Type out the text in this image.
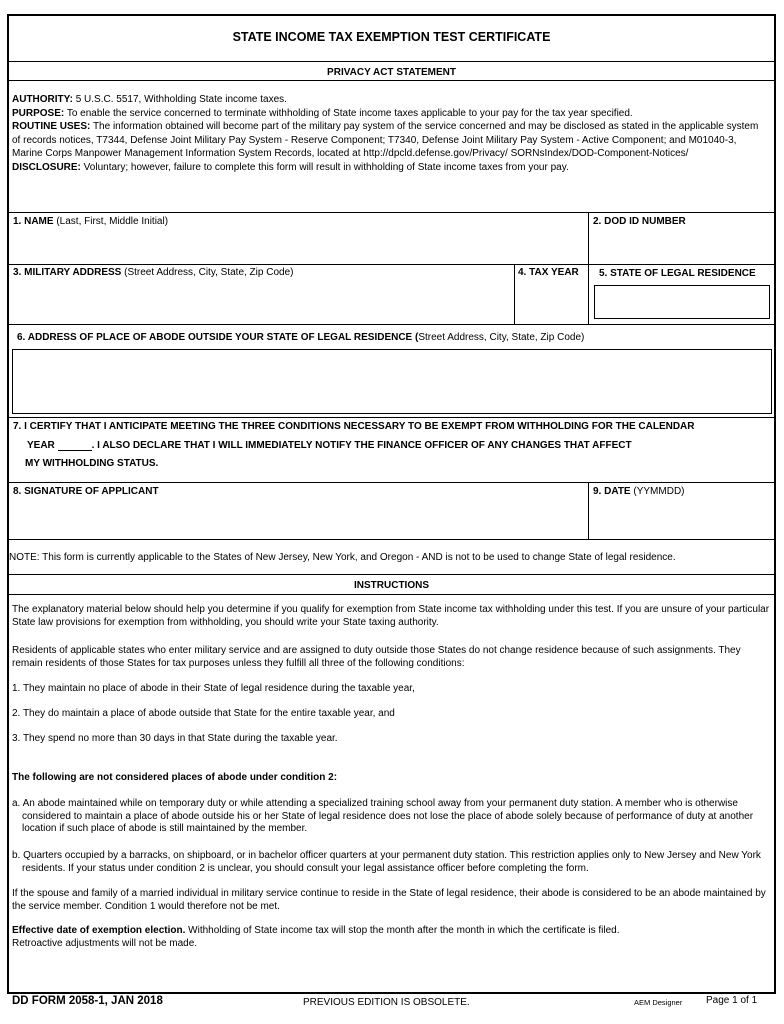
STATE INCOME TAX EXEMPTION TEST CERTIFICATE
PRIVACY ACT STATEMENT
AUTHORITY: 5 U.S.C. 5517, Withholding State income taxes.
PURPOSE: To enable the service concerned to terminate withholding of State income taxes applicable to your pay for the tax year specified.
ROUTINE USES: The information obtained will become part of the military pay system of the service concerned and may be disclosed as stated in the applicable system of records notices, T7344, Defense Joint Military Pay System - Reserve Component; T7340, Defense Joint Military Pay System - Active Component; and M01040-3, Marine Corps Manpower Management Information System Records, located at http://dpcld.defense.gov/Privacy/ SORNsIndex/DOD-Component-Notices/
DISCLOSURE: Voluntary; however, failure to complete this form will result in withholding of State income taxes from your pay.
1. NAME (Last, First, Middle Initial)	2. DOD ID NUMBER
3. MILITARY ADDRESS (Street Address, City, State, Zip Code)	4. TAX YEAR 5. STATE OF LEGAL RESIDENCE
6. ADDRESS OF PLACE OF ABODE OUTSIDE YOUR STATE OF LEGAL RESIDENCE (Street Address, City, State, Zip Code)
7. I CERTIFY THAT I ANTICIPATE MEETING THE THREE CONDITIONS NECESSARY TO BE EXEMPT FROM WITHHOLDING FOR THE CALENDAR
YEAR	. I ALSO DECLARE THAT I WILL IMMEDIATELY NOTIFY THE FINANCE OFFICER OF ANY CHANGES THAT AFFECT
MY WITHHOLDING STATUS.
8. SIGNATURE OF APPLICANT	9. DATE (YYMMDD)
NOTE: This form is currently applicable to the States of New Jersey, New York, and Oregon - AND is not to be used to change State of legal residence.
INSTRUCTIONS
The explanatory material below should help you determine if you qualify for exemption from State income tax withholding under this test. If you are unsure of your particular State law provisions for exemption from withholding, you should write your State taxing authority.
Residents of applicable states who enter military service and are assigned to duty outside those States do not change residence because of such assignments. They remain residents of those States for tax purposes unless they fulfill all three of the following conditions:
1. They maintain no place of abode in their State of legal residence during the taxable year,
2. They do maintain a place of abode outside that State for the entire taxable year, and
3. They spend no more than 30 days in that State during the taxable year.
The following are not considered places of abode under condition 2:
a. An abode maintained while on temporary duty or while attending a specialized training school away from your permanent duty station. A member who is otherwise considered to maintain a place of abode outside his or her State of legal residence does not lose the place of abode solely because of performance of duty at another location if such place of abode is still maintained by the member.
b. Quarters occupied by a barracks, on shipboard, or in bachelor officer quarters at your permanent duty station. This restriction applies only to New Jersey and New York residents. If your status under condition 2 is unclear, you should consult your legal assistance officer before completing the form.
If the spouse and family of a married individual in military service continue to reside in the State of legal residence, their abode is considered to be an abode maintained by the service member. Condition 1 would therefore not be met.
Effective date of exemption election. Withholding of State income tax will stop the month after the month in which the certificate is filed.
Retroactive adjustments will not be made.
DD FORM 2058-1, JAN 2018	PREVIOUS EDITION IS OBSOLETE.	AEM Designer Page 1 of 1
